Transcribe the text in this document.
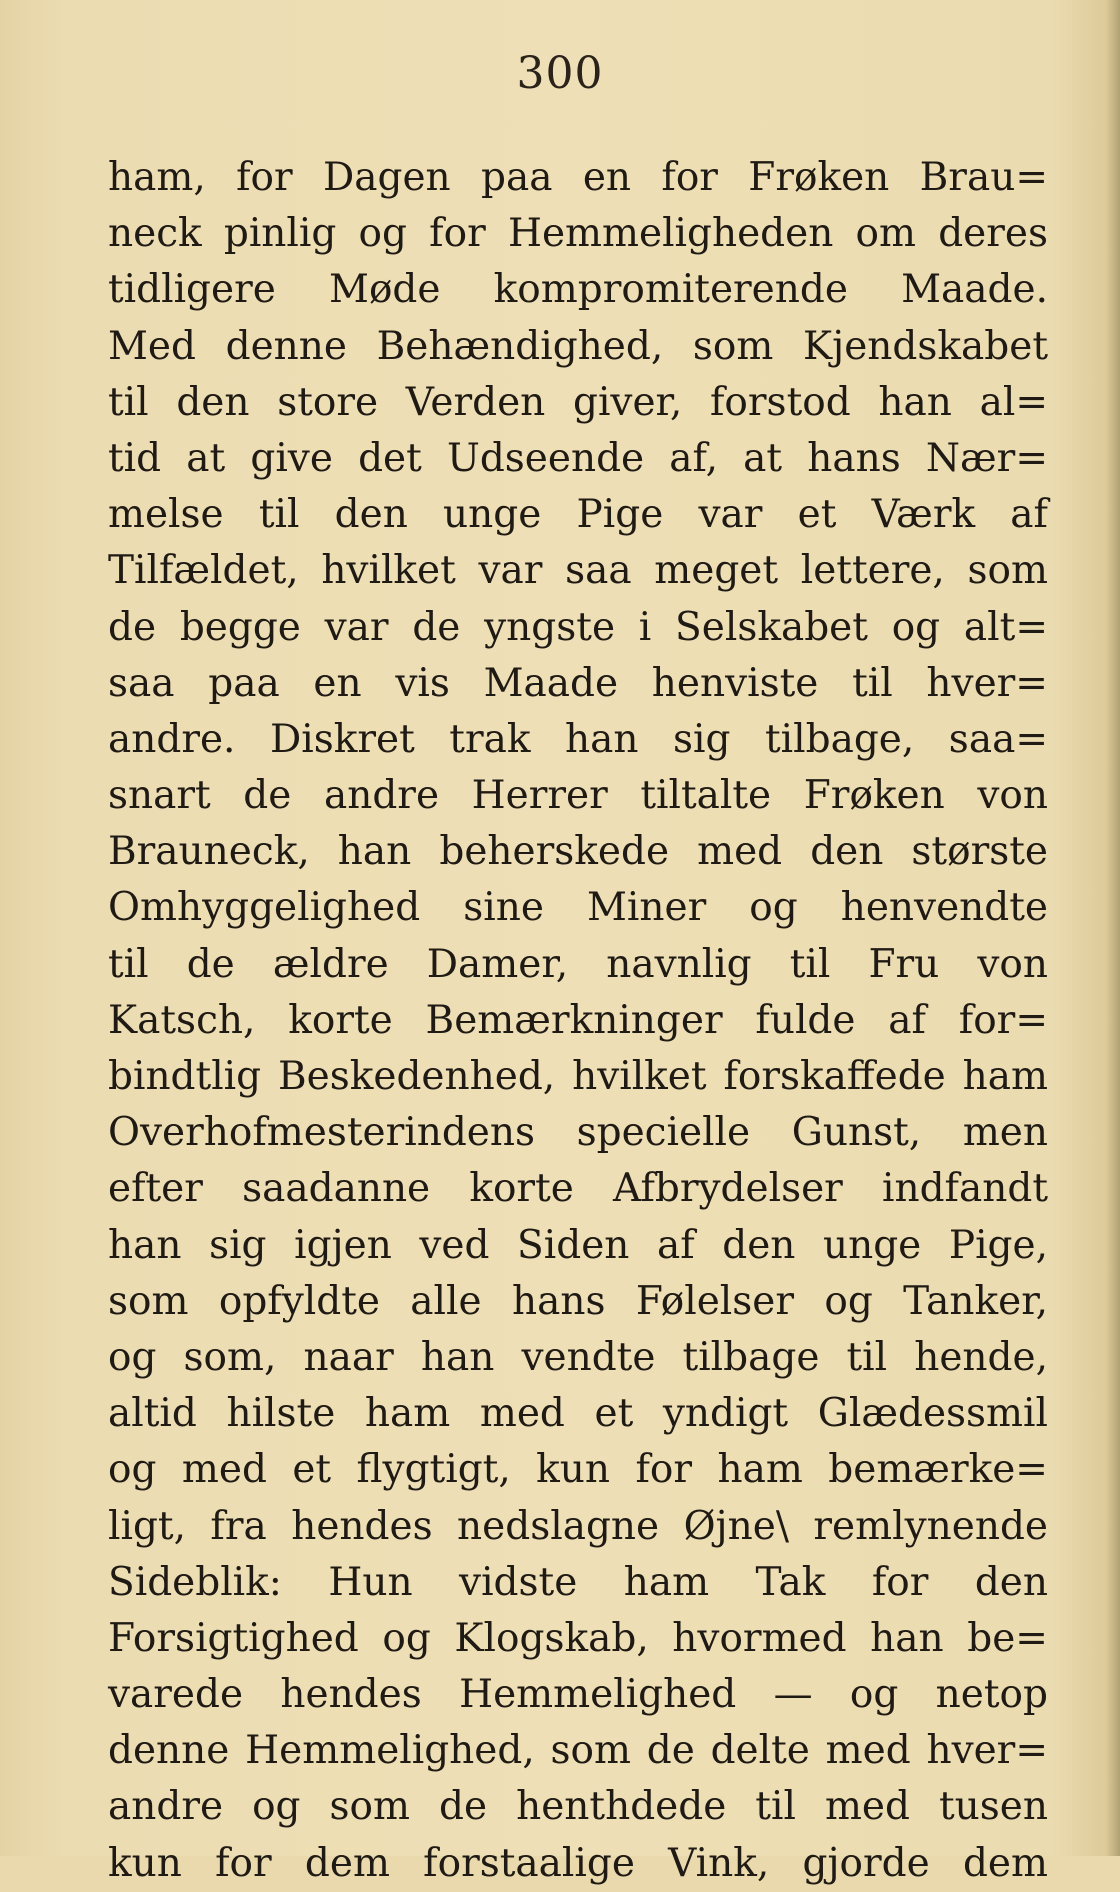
300
ham, for Dagen paa en for Frøken Brau=
neck pinlig og for Hemmeligheden om deres
tidligere Møde kompromiterende Maade.
Med denne Behændighed, som Kjendskabet
til den store Verden giver, forstod han al=
tid at give det Udseende af, at hans Nær=
melse til den unge Pige var et Værk af
Tilfældet, hvilket var saa meget lettere, som
de begge var de yngste i Selskabet og alt=
saa paa en vis Maade henviste til hver=
andre. Diskret trak han sig tilbage, saa=
snart de andre Herrer tiltalte Frøken von
Brauneck, han beherskede med den største
Omhyggelighed sine Miner og henvendte
til de ældre Damer, navnlig til Fru von
Katsch, korte Bemærkninger fulde af for=
bindtlig Beskedenhed, hvilket forskaffede ham
Overhofmesterindens specielle Gunst, men
efter saadanne korte Afbrydelser indfandt
han sig igjen ved Siden af den unge Pige,
som opfyldte alle hans Følelser og Tanker,
og som, naar han vendte tilbage til hende,
altid hilste ham med et yndigt Glædessmil
og med et flygtigt, kun for ham bemærke=
ligt, fra hendes nedslagne Øjne\ remlynende
Sideblik: Hun vidste ham Tak for den
Forsigtighed og Klogskab, hvormed han be=
varede hendes Hemmelighed — og netop
denne Hemmelighed, som de delte med hver=
andre og som de henthdede til med tusen
kun for dem forstaalige Vink, gjorde dem
